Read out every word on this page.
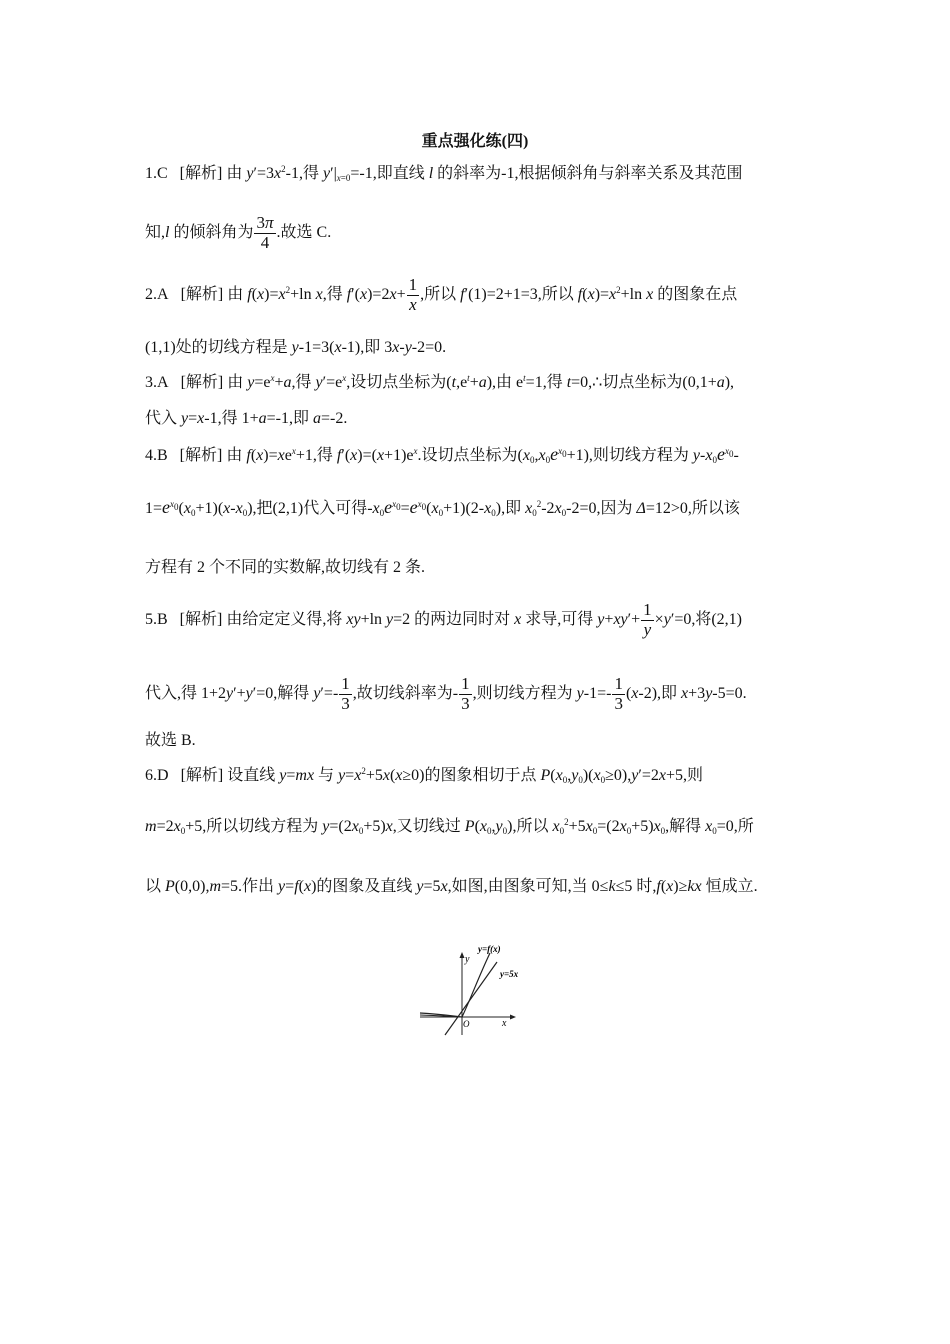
重点强化练(四)
1.C [解析] 由 $y'=3x^2-1$,得 $y'|_{x=0}=-1$,即直线 l 的斜率为-1,根据倾斜角与斜率关系及其范围
知,l 的倾斜角为 $\frac{3\pi}{4}$ .故选 C.
2.A [解析] 由 $f(x)=x^2+\ln$ x,得 $f'(x)=2x+ \frac{1}{x}$ ,所以 f′(1)=2+1=3,所以 $f(x)=x^2+\ln$ x 的图象在点
(1,1)处的切线方程是 y-1=3(x-1),即 3x-y-2=0.
3.A [解析] 由 $y=e^x+a$,得 $y'=e^x$,设切点坐标为$(t,e^t+a)$,由 $e^t=1$,得 t=0,∴切点坐标为(0,1+a),
代入 y=x-1,得 1+a=-1,即 a=-2.
4.B [解析] 由 $f(x)=xe^x+1$,得 $f'(x)=(x+1)e^x$.设切点坐标为$(x_0,x_0e^{x_0}+1)$,则切线方程为 $y-x_0e^{x_0}-$
$1=e^{x_0}(x_0+1)(x-x_0)$,把(2,1)代入可得$-x_0e^{x_0}=e^{x_0}(x_0+1)(2-x_0)$,即 $x_0^2-2x_0-2=0$,因为 Δ=12>0,所以该
方程有 2 个不同的实数解,故切线有 2 条.
5.B [解析] 由给定定义得,将 xy+ln y=2 的两边同时对 x 求导,可得 $y+xy'+ \frac{1}{y} \times y'=0$,将(2,1)
代入,得 1+2y′+y′=0,解得 $y'=- \frac{1}{3}$ ,故切线斜率为- $\frac{1}{3}$ ,则切线方程为 $y-1=- \frac{1}{3} (x-2)$,即 x+3y-5=0.
故选 B.
6.D [解析] 设直线 y=mx 与 $y=x^2+5x(x\ge 0)$的图象相切于点 $P(x_0,y_0)(x_0\ge 0),y'=2x+5$,则
$m=2x_0+5$,所以切线方程为 $y=(2x_0+5)x$,又切线过 $P(x_0,y_0)$,所以 $x_0^2+5x_0=(2x_0+5)x_0$,解得 $x_0=0$,所
以 P(0,0),m=5.作出 y=f(x)的图象及直线 y=5x,如图,由图象可知,当 0≤k≤5 时,f(x)≥kx 恒成立.
y
x
O
y=f(x)
y=5x
